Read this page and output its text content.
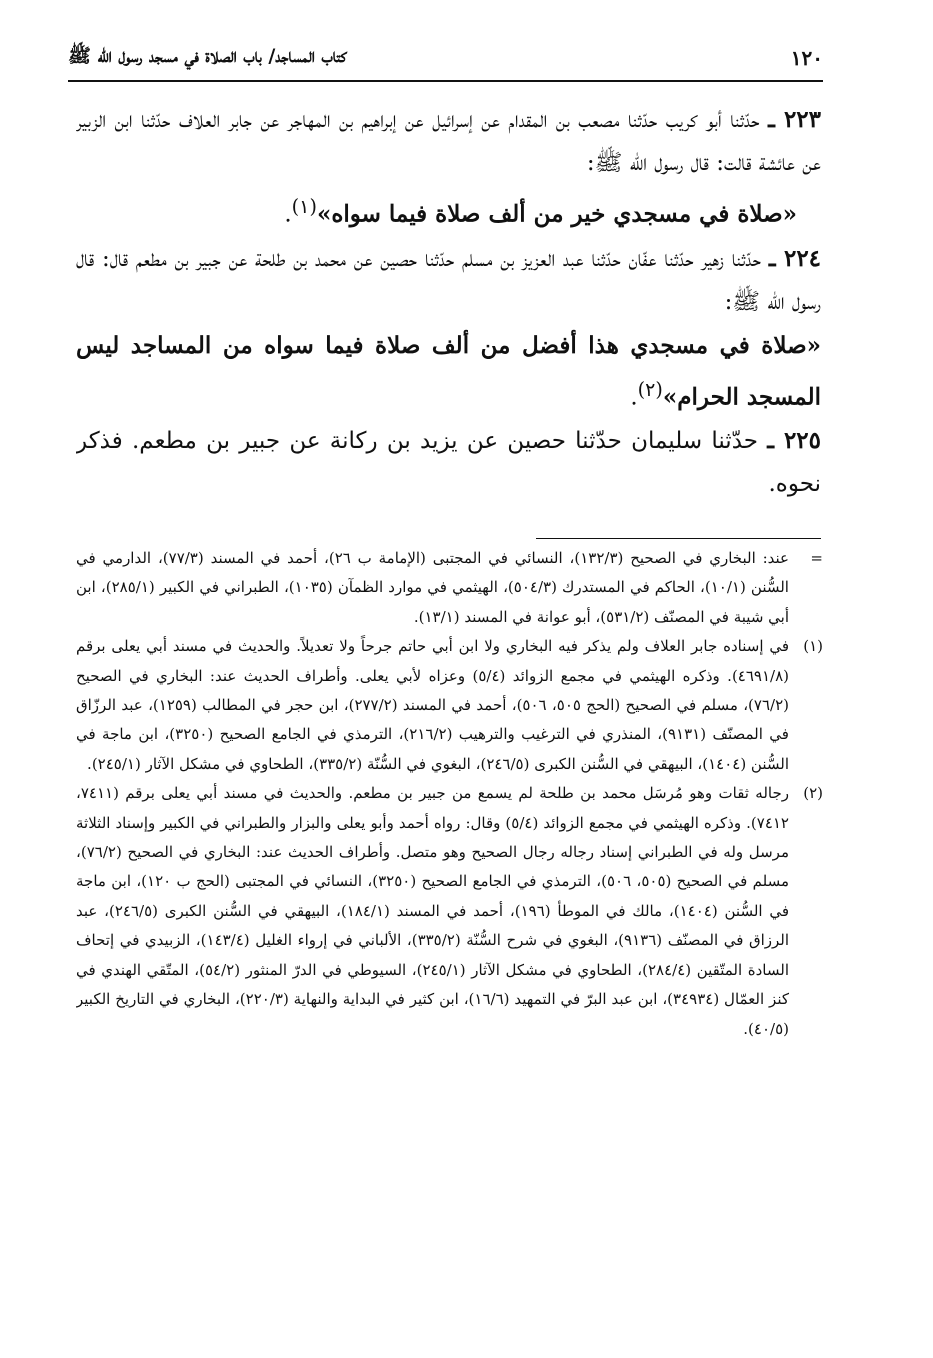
كتاب المساجد/ باب الصلاة في مسجد رسول الله ﷺ	١٢٠

٢٢٣ ـ حدّثنا أبو كريب حدّثنا مصعب بن المقدام عن إسرائيل عن إبراهيم بن المهاجر عن جابر العلاف حدّثنا ابن الزبير عن عائشة قالت: قال رسول الله ﷺ:

«صلاة في مسجدي خير من ألف صلاة فيما سواه»$^{(١)}$.

٢٢٤ ـ حدّثنا زهير حدّثنا عفّان حدّثنا عبد العزيز بن مسلم حدّثنا حصين عن محمد بن طلحة عن جبير بن مطعم قال: قال رسول الله ﷺ:

«صلاة في مسجدي هذا أفضل من ألف صلاة فيما سواه من المساجد ليس المسجد الحرام»$^{(٢)}$.

٢٢٥ ـ حدّثنا سليمان حدّثنا حصين عن يزيد بن ركانة عن جبير بن مطعم. فذكر نحوه.

=
عند: البخاري في الصحيح (١٣٢/٣)، النسائي في المجتبى (الإمامة ب ٢٦)، أحمد في المسند (٧٧/٣)، الدارمي في السُّنن (١٠/١)، الحاكم في المستدرك (٥٠٤/٣)، الهيثمي في موارد الظمآن (١٠٣٥)، الطبراني في الكبير (٢٨٥/١)، ابن أبي شيبة في المصنّف (٥٣١/٢)، أبو عوانة في المسند (١٣/١).
(١)
في إسناده جابر العلاف ولم يذكر فيه البخاري ولا ابن أبي حاتم جرحاً ولا تعديلاً. والحديث في مسند أبي يعلى برقم (٤٦٩١/٨). وذكره الهيثمي في مجمع الزوائد (٥/٤) وعزاه لأبي يعلى. وأطراف الحديث عند: البخاري في الصحيح (٧٦/٢)، مسلم في الصحيح (الحج ٥٠٥، ٥٠٦)، أحمد في المسند (٢٧٧/٢)، ابن حجر في المطالب (١٢٥٩)، عبد الرزّاق في المصنّف (٩١٣١)، المنذري في الترغيب والترهيب (٢١٦/٢)، الترمذي في الجامع الصحيح (٣٢٥٠)، ابن ماجة في السُّنن (١٤٠٤)، البيهقي في السُّنن الكبرى (٢٤٦/٥)، البغوي في السُّنّة (٣٣٥/٢)، الطحاوي في مشكل الآثار (٢٤٥/١).
(٢)
رجاله ثقات وهو مُرسَل محمد بن طلحة لم يسمع من جبير بن مطعم. والحديث في مسند أبي يعلى برقم (٧٤١١، ٧٤١٢). وذكره الهيثمي في مجمع الزوائد (٥/٤) وقال: رواه أحمد وأبو يعلى والبزار والطبراني في الكبير وإسناد الثلاثة مرسل وله في الطبراني إسناد رجاله رجال الصحيح وهو متصل. وأطراف الحديث عند: البخاري في الصحيح (٧٦/٢)، مسلم في الصحيح (٥٠٥، ٥٠٦)، الترمذي في الجامع الصحيح (٣٢٥٠)، النسائي في المجتبى (الحج ب ١٢٠)، ابن ماجة في السُّنن (١٤٠٤)، مالك في الموطأ (١٩٦)، أحمد في المسند (١٨٤/١)، البيهقي في السُّنن الكبرى (٢٤٦/٥)، عبد الرزاق في المصنّف (٩١٣٦)، البغوي في شرح السُّنّة (٣٣٥/٢)، الألباني في إرواء الغليل (١٤٣/٤)، الزبيدي في إتحاف السادة المتّقين (٢٨٤/٤)، الطحاوي في مشكل الآثار (٢٤٥/١)، السيوطي في الدرّ المنثور (٥٤/٢)، المتّقي الهندي في كنز العمّال (٣٤٩٣٤)، ابن عبد البرّ في التمهيد (١٦/٦)، ابن كثير في البداية والنهاية (٢٢٠/٣)، البخاري في التاريخ الكبير (٤٠/٥).
